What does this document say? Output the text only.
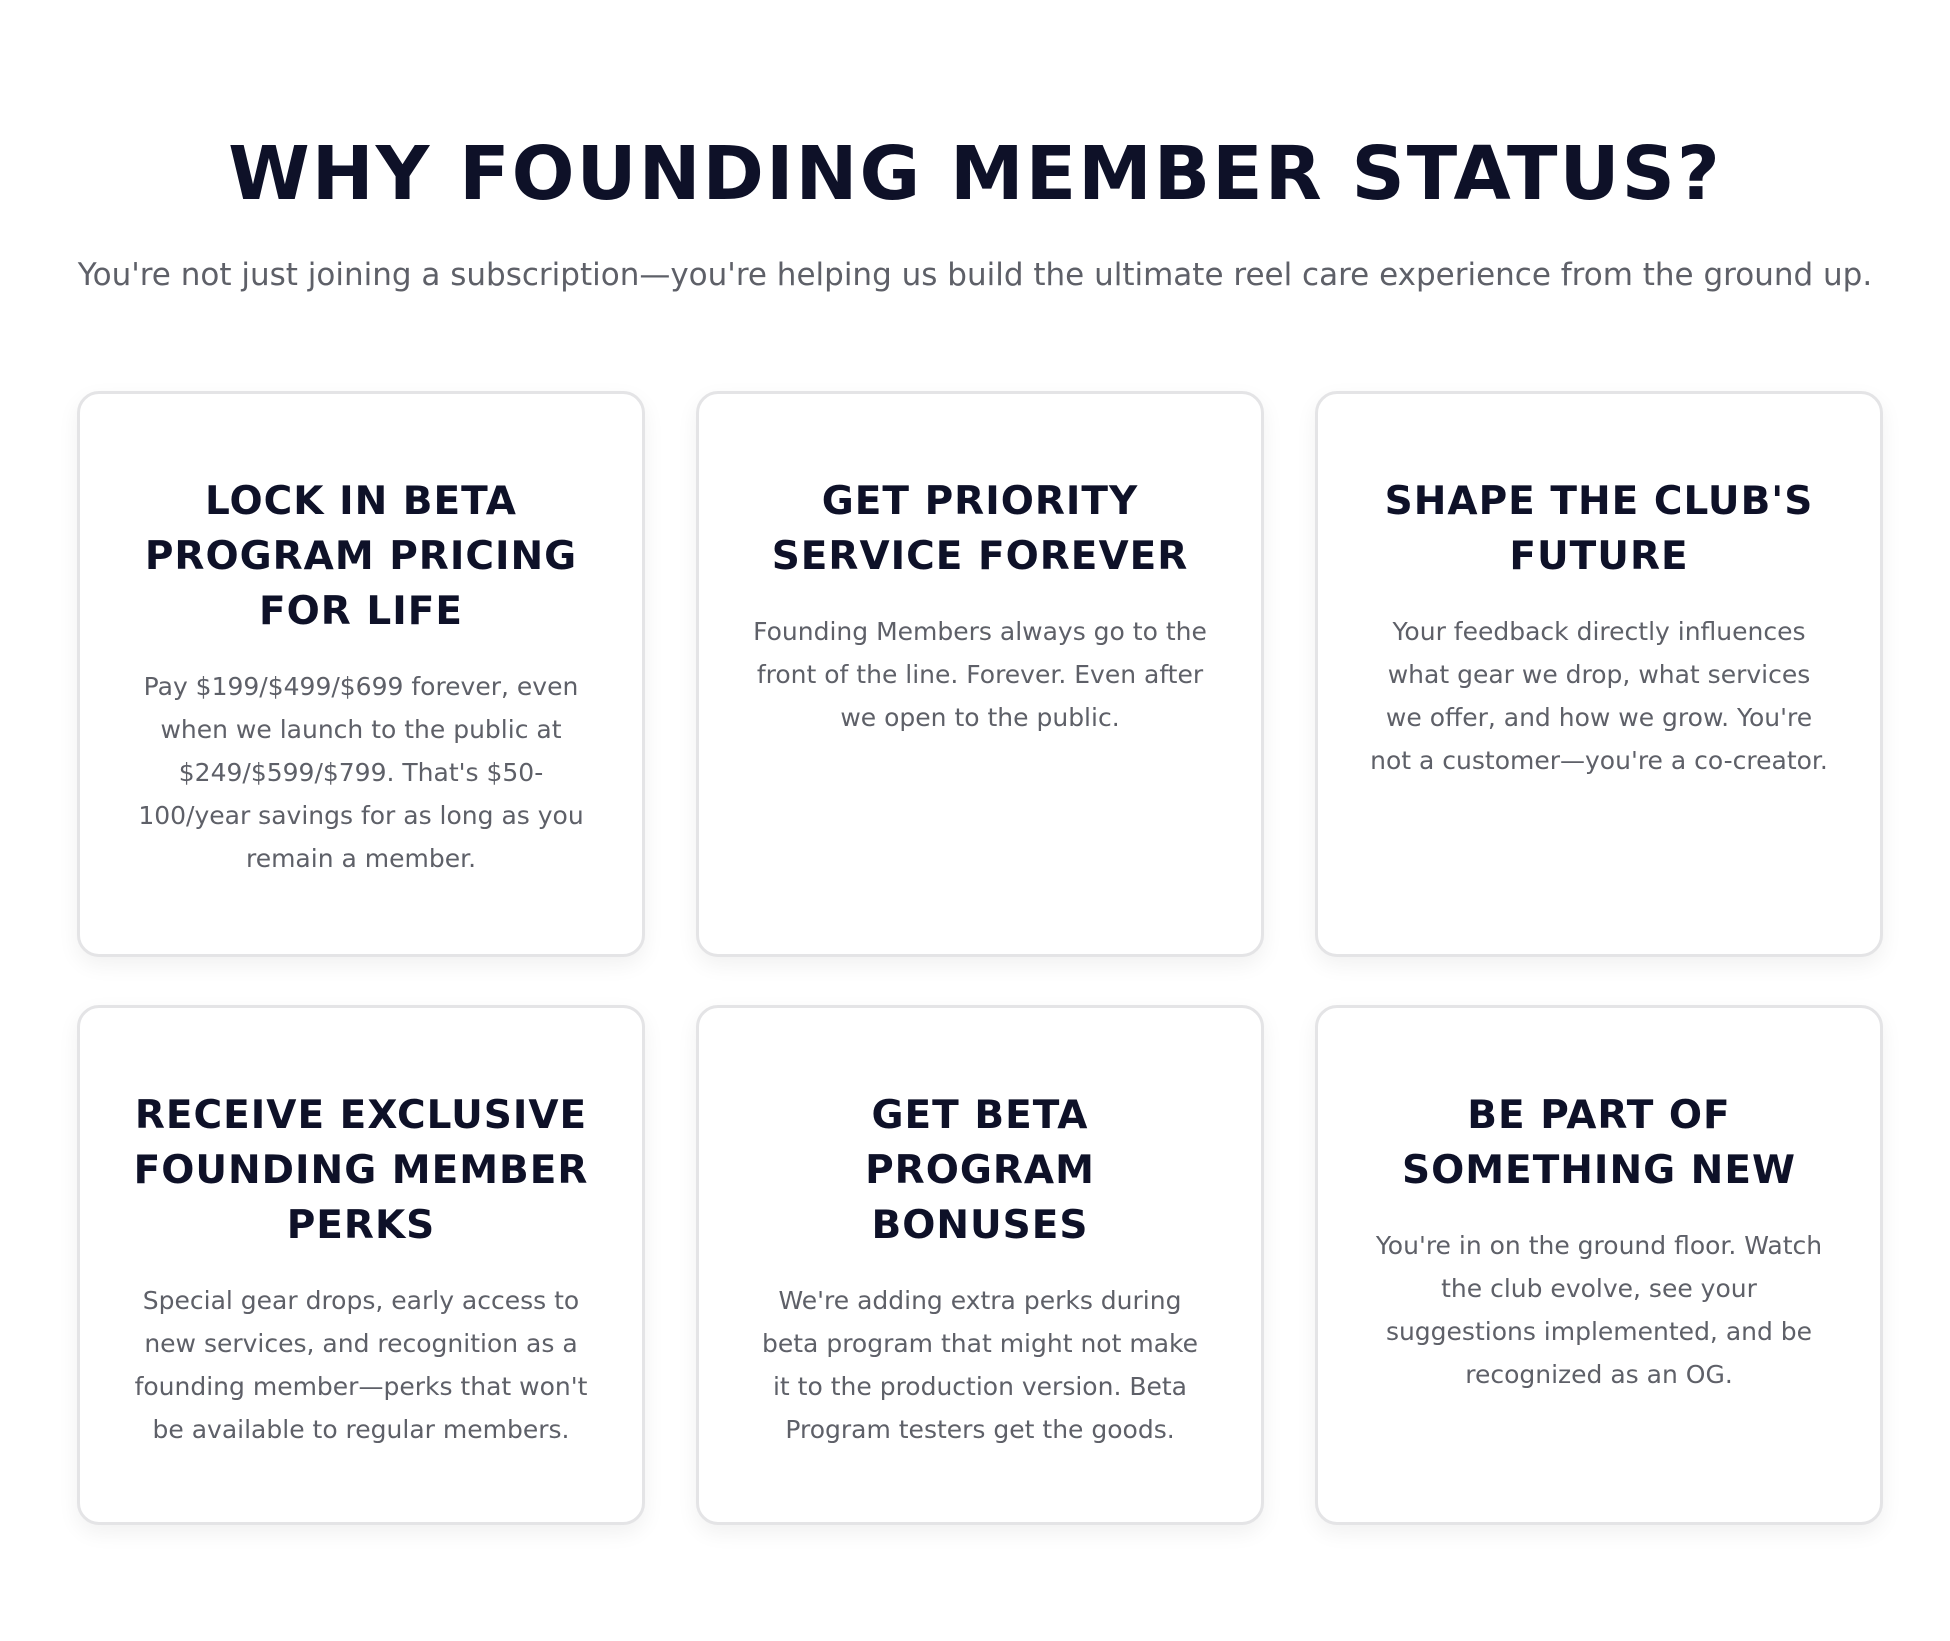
WHY FOUNDING MEMBER STATUS?

You're not just joining a subscription—you're helping us build the ultimate reel care experience from the ground up.

LOCK IN BETA PROGRAM PRICING FOR LIFE

Pay $199/$499/$699 forever, even when we launch to the public at $249/$599/$799. That's $50-100/year savings for as long as you remain a member.

GET PRIORITY SERVICE FOREVER

Founding Members always go to the front of the line. Forever. Even after we open to the public.

SHAPE THE CLUB'S FUTURE

Your feedback directly influences what gear we drop, what services we offer, and how we grow. You're not a customer—you're a co-creator.

RECEIVE EXCLUSIVE FOUNDING MEMBER PERKS

Special gear drops, early access to new services, and recognition as a founding member—perks that won't be available to regular members.

GET BETA PROGRAM BONUSES

We're adding extra perks during beta program that might not make it to the production version. Beta Program testers get the goods.

BE PART OF SOMETHING NEW

You're in on the ground floor. Watch the club evolve, see your suggestions implemented, and be recognized as an OG.
